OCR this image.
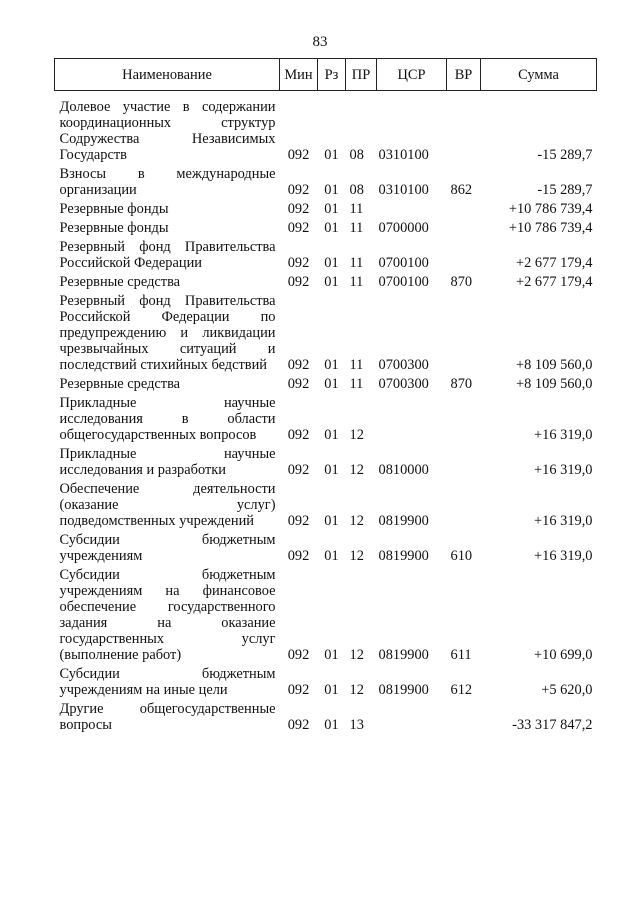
83
Наименование	Мин	Рз	ПР	ЦСР	ВР	Сумма
Долевое участие в содержании координационных структур Содружества Независимых Государств	092	01	08	0310100		-15 289,7
Взносы в международные организации	092	01	08	0310100	862	-15 289,7
Резервные фонды	092	01	11			+10 786 739,4
Резервные фонды	092	01	11	0700000		+10 786 739,4
Резервный фонд Правительства Российской Федерации	092	01	11	0700100		+2 677 179,4
Резервные средства	092	01	11	0700100	870	+2 677 179,4
Резервный фонд Правительства Российской Федерации по предупреждению и ликвидации чрезвычайных ситуаций и последствий стихийных бедствий	092	01	11	0700300		+8 109 560,0
Резервные средства	092	01	11	0700300	870	+8 109 560,0
Прикладные научные исследования в области общегосударственных вопросов	092	01	12			+16 319,0
Прикладные научные исследования и разработки	092	01	12	0810000		+16 319,0
Обеспечение деятельности (оказание услуг) подведомственных учреждений	092	01	12	0819900		+16 319,0
Субсидии бюджетным учреждениям	092	01	12	0819900	610	+16 319,0
Субсидии бюджетным учреждениям на финансовое обеспечение государственного задания на оказание государственных услуг (выполнение работ)	092	01	12	0819900	611	+10 699,0
Субсидии бюджетным учреждениям на иные цели	092	01	12	0819900	612	+5 620,0
Другие общегосударственные вопросы	092	01	13			-33 317 847,2
